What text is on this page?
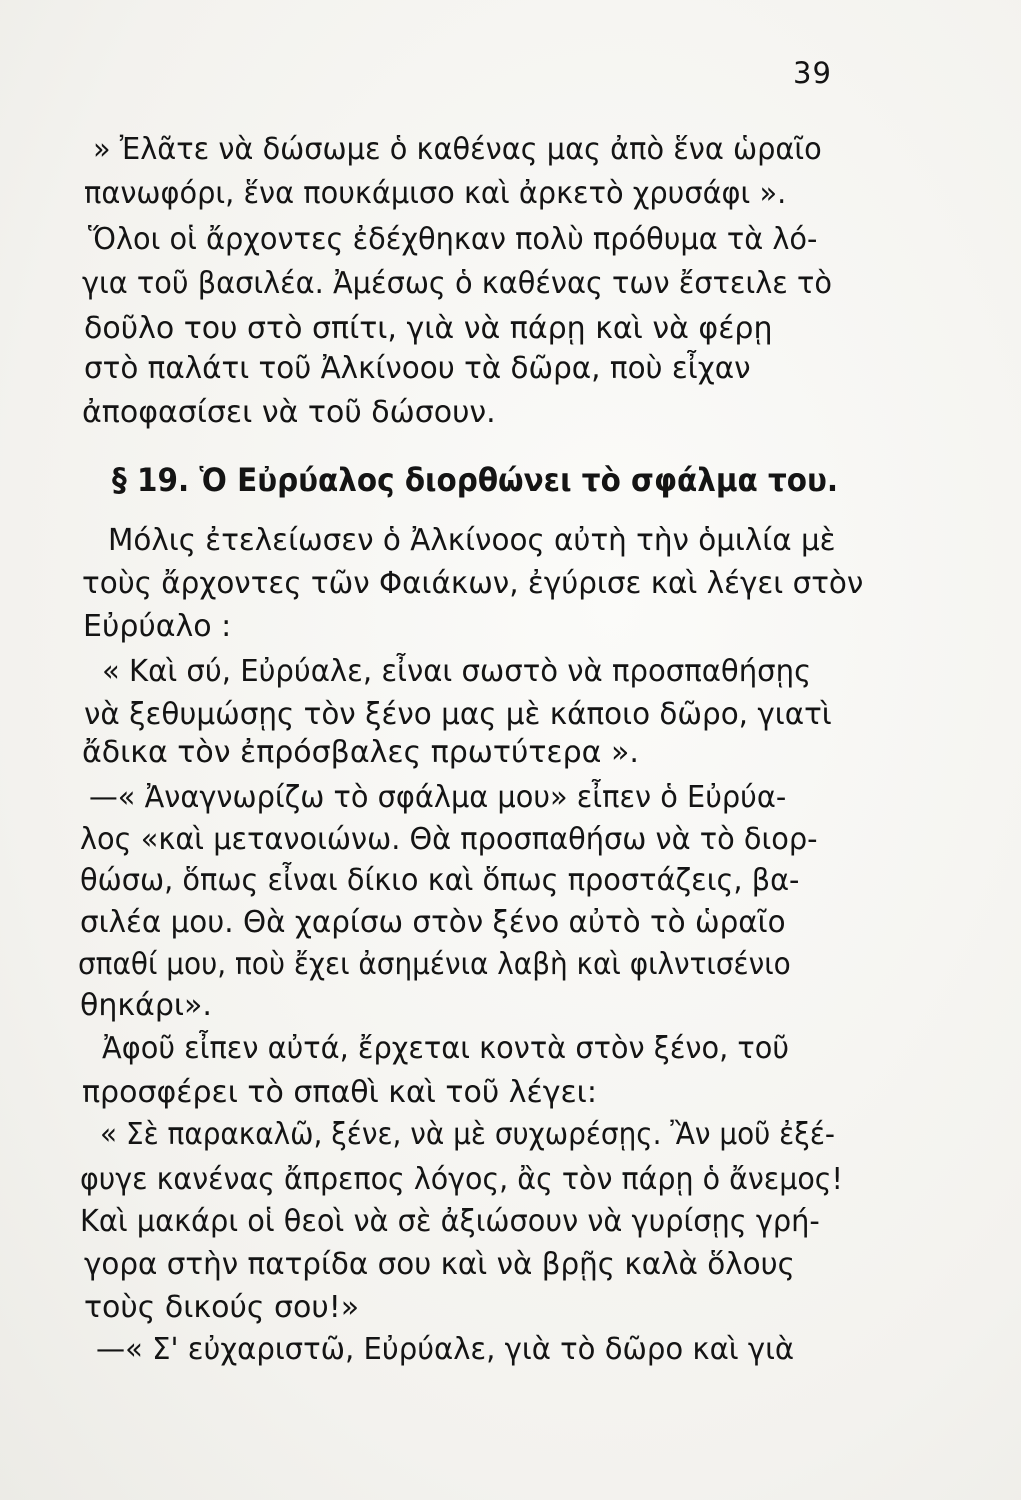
39
» Ἐλᾶτε νὰ δώσωμε ὁ καθένας μας ἀπὸ ἕνα ὡραῖο
πανωφόρι, ἕνα πουκάμισο καὶ ἀρκετὸ χρυσάφι ».
Ὅλοι οἱ ἄρχοντες ἐδέχθηκαν πολὺ πρόθυμα τὰ λό-
για τοῦ βασιλέα. Ἀμέσως ὁ καθένας των ἔστειλε τὸ
δοῦλο του στὸ σπίτι, γιὰ νὰ πάρῃ καὶ νὰ φέρῃ
στὸ παλάτι τοῦ Ἀλκίνοου τὰ δῶρα, ποὺ εἶχαν
ἀποφασίσει νὰ τοῦ δώσουν.
§ 19. Ὁ Εὐρύαλος διορθώνει τὸ σφάλμα του.
Μόλις ἐτελείωσεν ὁ Ἀλκίνοος αὐτὴ τὴν ὁμιλία μὲ
τοὺς ἄρχοντες τῶν Φαιάκων, ἐγύρισε καὶ λέγει στὸν
Εὐρύαλο :
« Καὶ σύ, Εὐρύαλε, εἶναι σωστὸ νὰ προσπαθήσῃς
νὰ ξεθυμώσῃς τὸν ξένο μας μὲ κάποιο δῶρο, γιατὶ
ἄδικα τὸν ἐπρόσβαλες πρωτύτερα ».
—« Ἀναγνωρίζω τὸ σφάλμα μου» εἶπεν ὁ Εὐρύα-
λος «καὶ μετανοιώνω. Θὰ προσπαθήσω νὰ τὸ διορ-
θώσω, ὅπως εἶναι δίκιο καὶ ὅπως προστάζεις, βα-
σιλέα μου. Θὰ χαρίσω στὸν ξένο αὐτὸ τὸ ὡραῖο
σπαθί μου, ποὺ ἔχει ἀσημένια λαβὴ καὶ φιλντισένιο
θηκάρι».
Ἀφοῦ εἶπεν αὐτά, ἔρχεται κοντὰ στὸν ξένο, τοῦ
προσφέρει τὸ σπαθὶ καὶ τοῦ λέγει:
« Σὲ παρακαλῶ, ξένε, νὰ μὲ συχωρέσῃς. Ἂν μοῦ ἐξέ-
φυγε κανένας ἄπρεπος λόγος, ἂς τὸν πάρῃ ὁ ἄνεμος!
Καὶ μακάρι οἱ θεοὶ νὰ σὲ ἀξιώσουν νὰ γυρίσῃς γρή-
γορα στὴν πατρίδα σου καὶ νὰ βρῇς καλὰ ὅλους
τοὺς δικούς σου!»
—« Σ' εὐχαριστῶ, Εὐρύαλε, γιὰ τὸ δῶρο καὶ γιὰ
